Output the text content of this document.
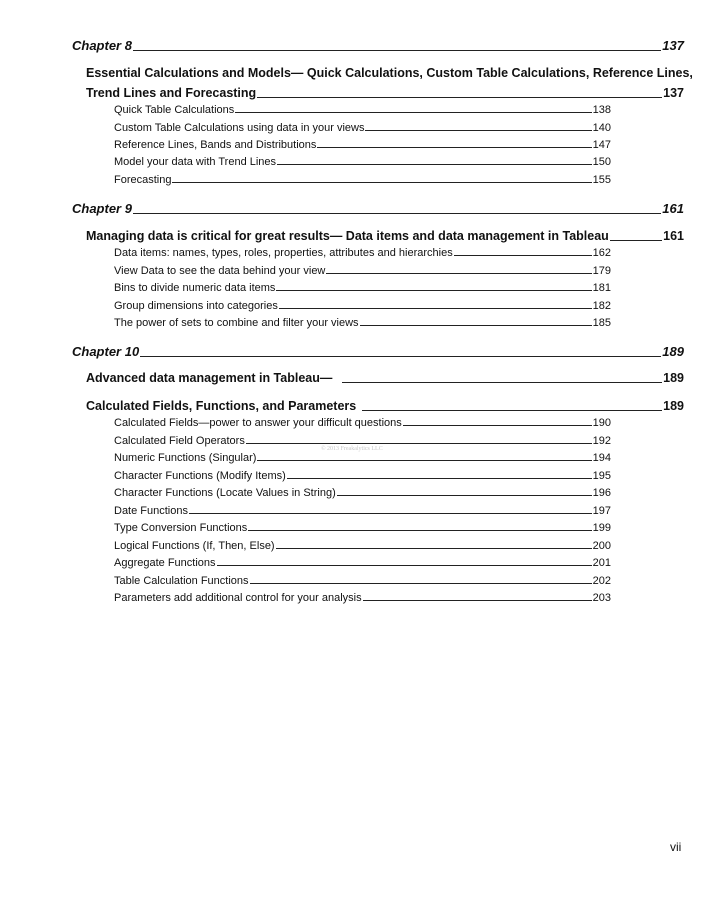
Chapter 8	137
Essential Calculations and Models— Quick Calculations, Custom Table Calculations, Reference Lines,
Trend Lines and Forecasting	137
Quick Table Calculations	138
Custom Table Calculations using data in your views	140
Reference Lines, Bands and Distributions	147
Model your data with Trend Lines	150
Forecasting	155
Chapter 9	161
Managing data is critical for great results— Data items and data management in Tableau	161
Data items: names, types, roles, properties, attributes and hierarchies	162
View Data to see the data behind your view	179
Bins to divide numeric data items	181
Group dimensions into categories	182
The power of sets to combine and filter your views	185
Chapter 10	189
Advanced data management in Tableau—	189
Calculated Fields, Functions, and Parameters	189
Calculated Fields—power to answer your difficult questions	190
Calculated Field Operators	192
Numeric Functions (Singular)	194
Character Functions (Modify Items)	195
Character Functions (Locate Values in String)	196
Date Functions	197
Type Conversion Functions	199
Logical Functions (If, Then, Else)	200
Aggregate Functions	201
Table Calculation Functions	202
Parameters add additional control for your analysis	203
© 2013 Freakalytics LLC
vii
